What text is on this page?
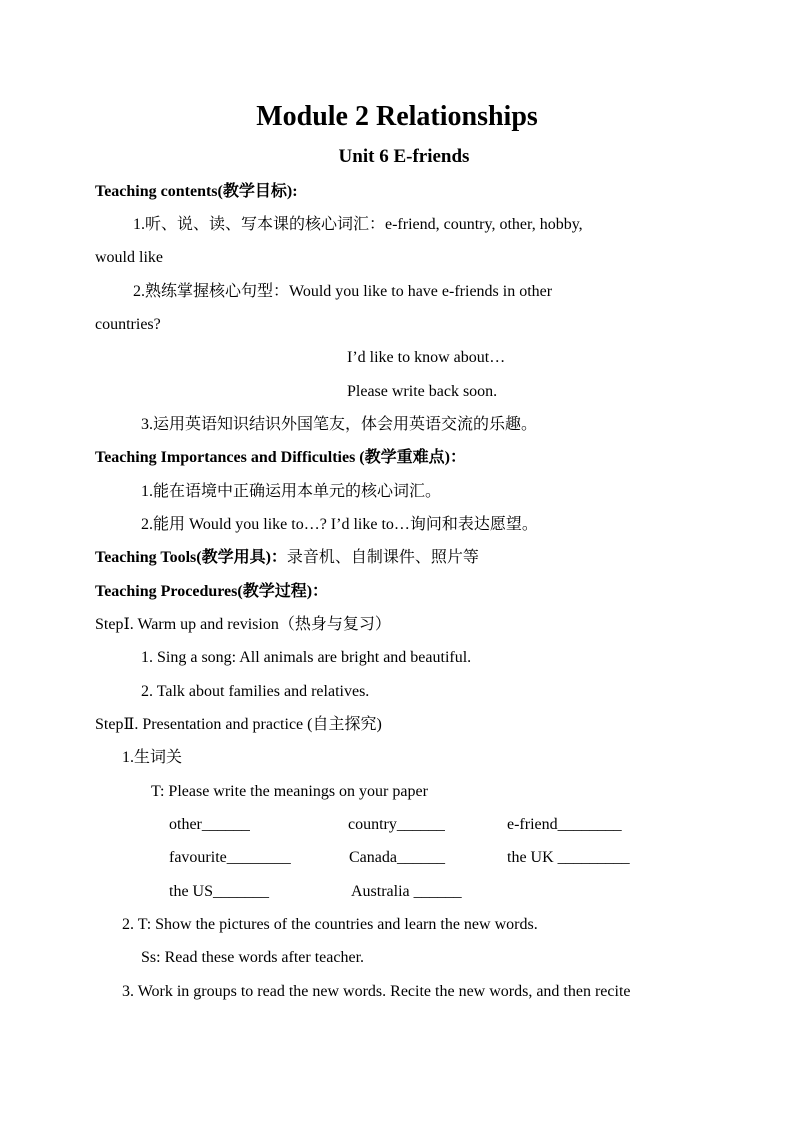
Module 2 Relationships
Unit 6 E-friends
Teaching contents(教学目标):
1.听、说、读、写本课的核心词汇：e-friend, country, other, hobby,
would like
2.熟练掌握核心句型：Would you like to have e-friends in other
countries?
I’d like to know about…
Please write back soon.
3.运用英语知识结识外国笔友，体会用英语交流的乐趣。
Teaching Importances and Difficulties (教学重难点)：
1.能在语境中正确运用本单元的核心词汇。
2.能用 Would you like to…? I’d like to…询问和表达愿望。
Teaching Tools(教学用具)：录音机、自制课件、照片等
Teaching Procedures(教学过程)：
StepⅠ. Warm up and revision（热身与复习）
1. Sing a song: All animals are bright and beautiful.
2. Talk about families and relatives.
StepⅡ. Presentation and practice (自主探究)
1.生词关
T: Please write the meanings on your paper
other______	country______	e-friend________
favourite________	Canada______	the UK _________
the US_______	Australia ______
2. T: Show the pictures of the countries and learn the new words.
Ss: Read these words after teacher.
3. Work in groups to read the new words. Recite the new words, and then recite
